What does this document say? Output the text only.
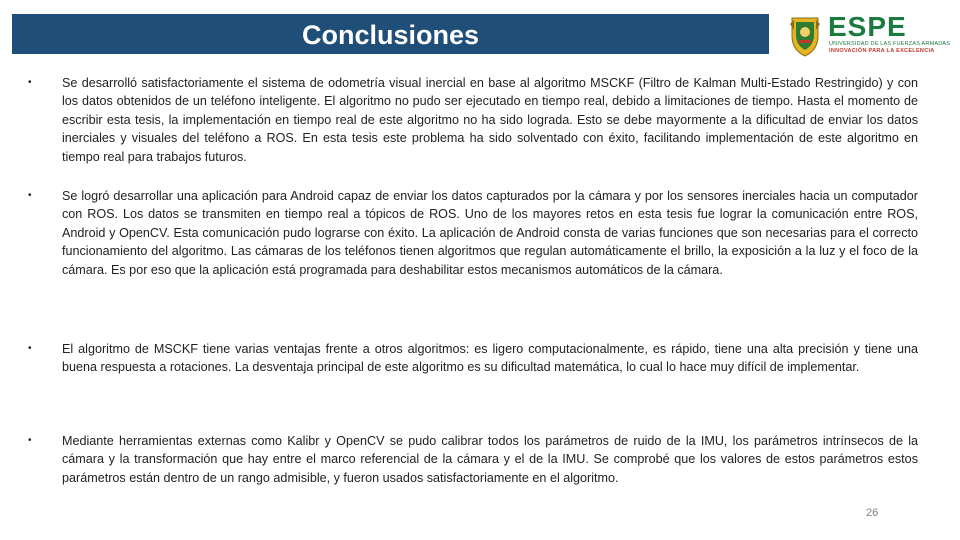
Conclusiones	ESPE
UNIVERSIDAD DE LAS FUERZAS ARMADAS
INNOVACIÓN PARA LA EXCELENCIA
• Se desarrolló satisfactoriamente el sistema de odometría visual inercial en base al algoritmo MSCKF (Filtro de Kalman Multi-Estado Restringido) y con los datos obtenidos de un teléfono inteligente. El algoritmo no pudo ser ejecutado en tiempo real, debido a limitaciones de tiempo. Hasta el momento de escribir esta tesis, la implementación en tiempo real de este algoritmo no ha sido lograda. Esto se debe mayormente a la dificultad de enviar los datos inerciales y visuales del teléfono a ROS. En esta tesis este problema ha sido solventado con éxito, facilitando implementación de este algoritmo en tiempo real para trabajos futuros.
• Se logró desarrollar una aplicación para Android capaz de enviar los datos capturados por la cámara y por los sensores inerciales hacia un computador con ROS. Los datos se transmiten en tiempo real a tópicos de ROS. Uno de los mayores retos en esta tesis fue lograr la comunicación entre ROS, Android y OpenCV. Esta comunicación pudo lograrse con éxito. La aplicación de Android consta de varias funciones que son necesarias para el correcto funcionamiento del algoritmo. Las cámaras de los teléfonos tienen algoritmos que regulan automáticamente el brillo, la exposición a la luz y el foco de la cámara. Es por eso que la aplicación está programada para deshabilitar estos mecanismos automáticos de la cámara.
• El algoritmo de MSCKF tiene varias ventajas frente a otros algoritmos: es ligero computacionalmente, es rápido, tiene una alta precisión y tiene una buena respuesta a rotaciones. La desventaja principal de este algoritmo es su dificultad matemática, lo cual lo hace muy difícil de implementar.
• Mediante herramientas externas como Kalibr y OpenCV se pudo calibrar todos los parámetros de ruido de la IMU, los parámetros intrínsecos de la cámara y la transformación que hay entre el marco referencial de la cámara y el de la IMU. Se comprobé que los valores de estos parámetros estos parámetros están dentro de un rango admisible, y fueron usados satisfactoriamente en el algoritmo.
26
